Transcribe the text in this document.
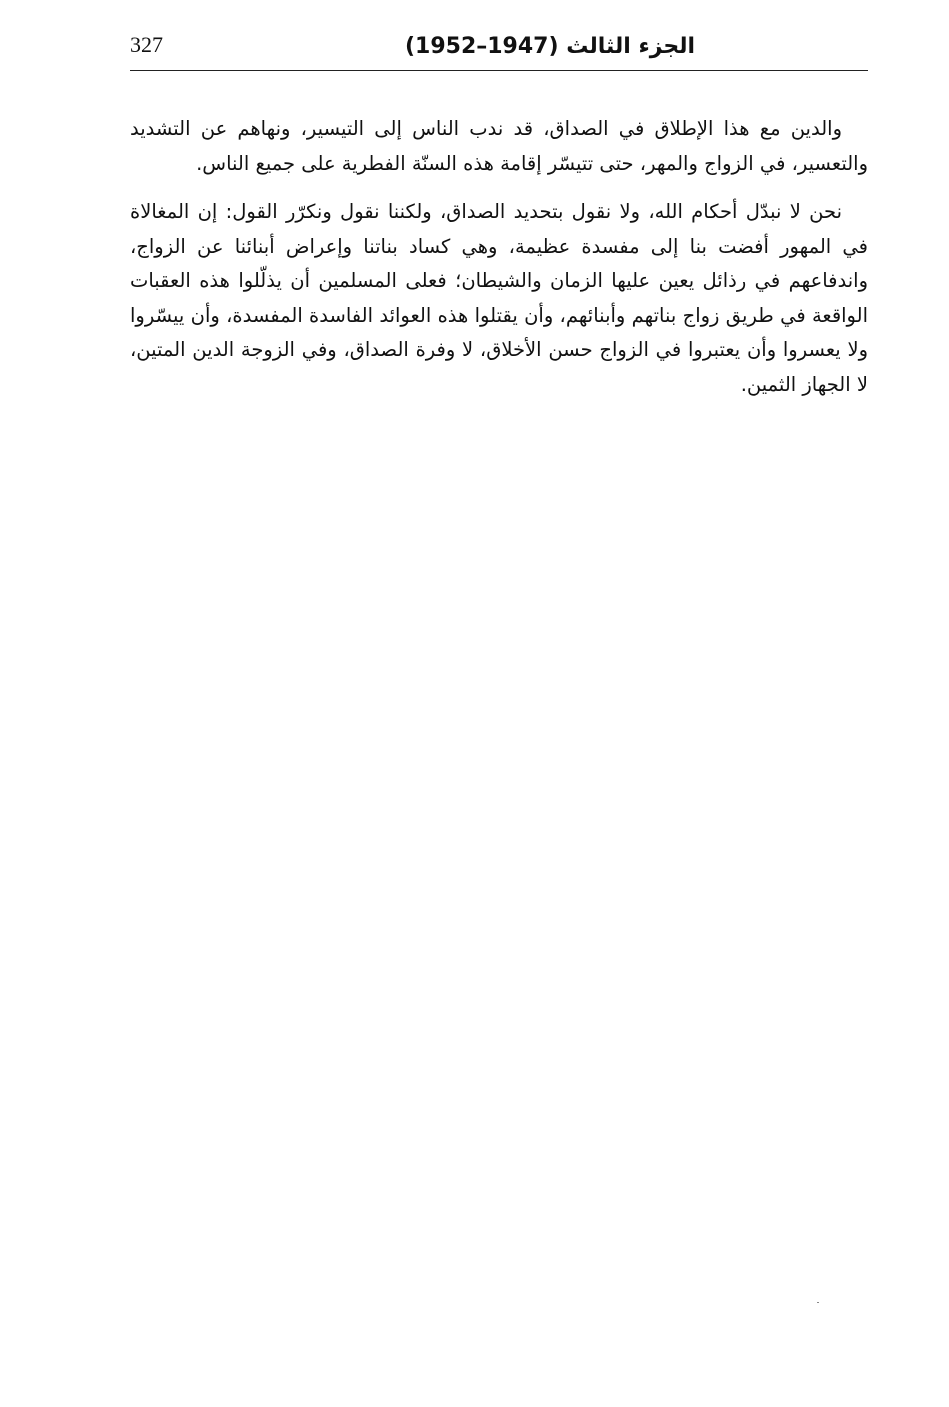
327	الجزء الثالث (1947–1952)

والدين مع هذا الإطلاق في الصداق، قد ندب الناس إلى التيسير، ونهاهم عن التشديد والتعسير، في الزواج والمهر، حتى تتيسّر إقامة هذه السنّة الفطرية على جميع الناس.

نحن لا نبدّل أحكام الله، ولا نقول بتحديد الصداق، ولكننا نقول ونكرّر القول: إن المغالاة في المهور أفضت بنا إلى مفسدة عظيمة، وهي كساد بناتنا وإعراض أبنائنا عن الزواج، واندفاعهم في رذائل يعين عليها الزمان والشيطان؛ فعلى المسلمين أن يذلّلوا هذه العقبات الواقعة في طريق زواج بناتهم وأبنائهم، وأن يقتلوا هذه العوائد الفاسدة المفسدة، وأن ييسّروا ولا يعسروا وأن يعتبروا في الزواج حسن الأخلاق، لا وفرة الصداق، وفي الزوجة الدين المتين، لا الجهاز الثمين.
